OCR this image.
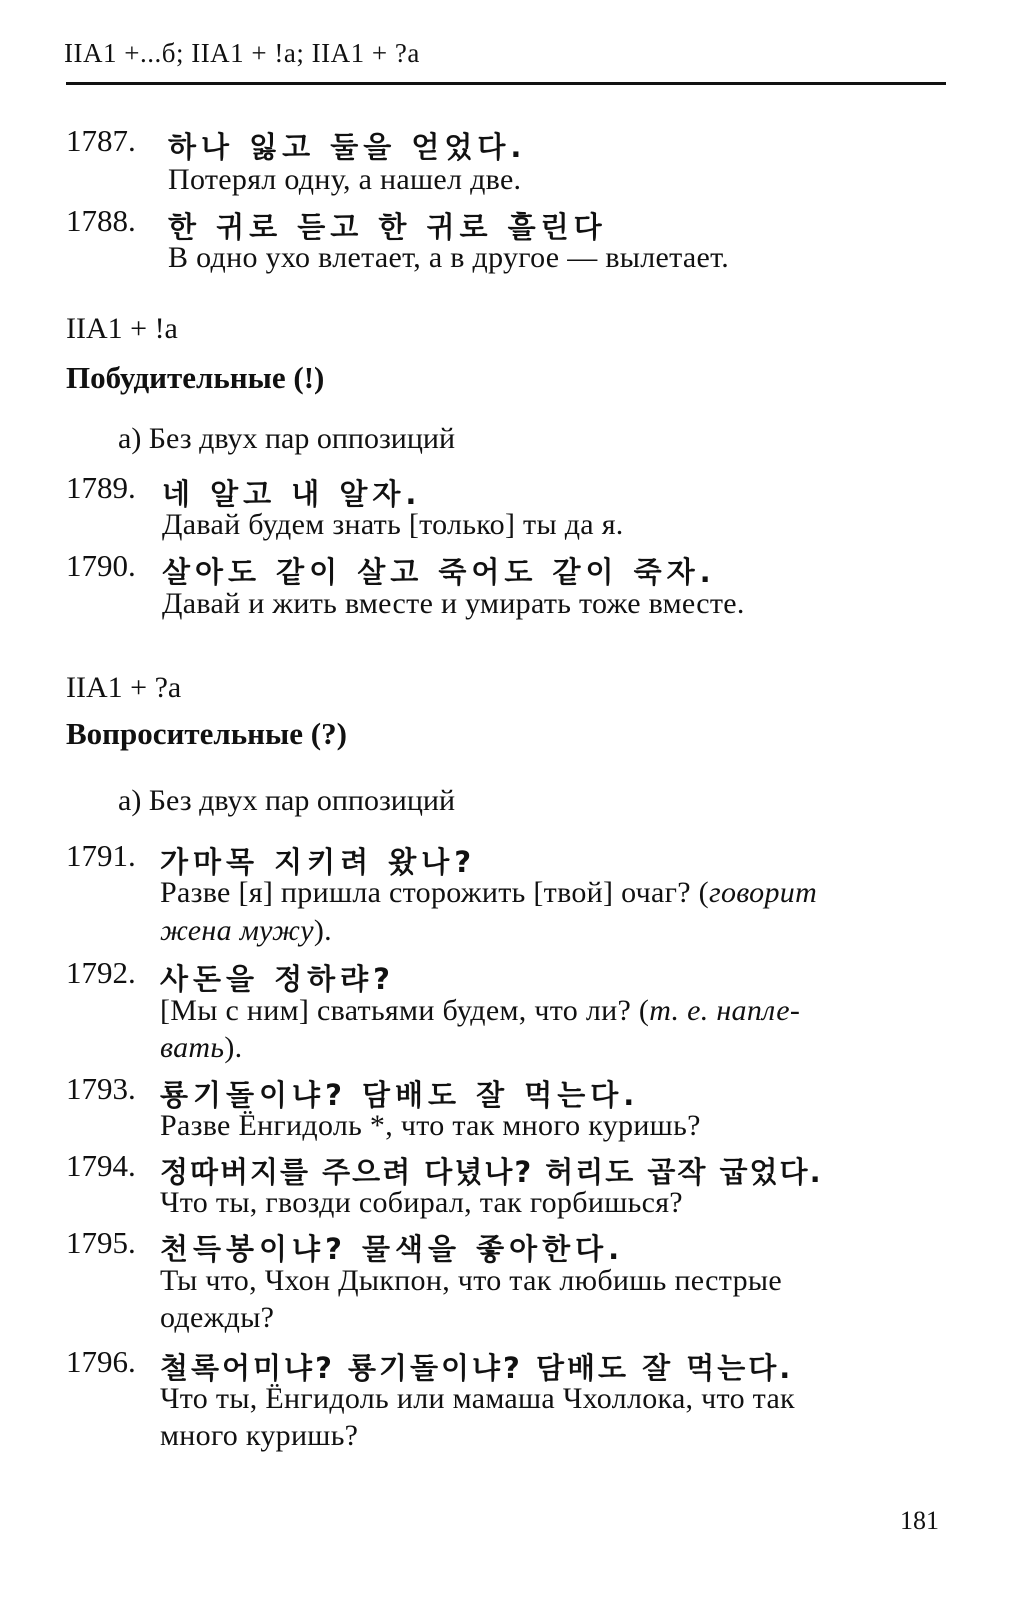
IIA1 +...б; IIA1 + !а; IIA1 + ?а
1787. 하나 잃고 둘을 얻었다.
Потерял одну, а нашел две.
1788. 한 귀로 듣고 한 귀로 흘린다
В одно ухо влетает, а в другое — вылетает.
IIA1 + !а
Побудительные (!)
а) Без двух пар оппозиций
1789. 네 알고 내 알자.
Давай будем знать [только] ты да я.
1790. 살아도 같이 살고 죽어도 같이 죽자.
Давай и жить вместе и умирать тоже вместе.
IIA1 + ?а
Вопросительные (?)
а) Без двух пар оппозиций
1791. 가마목 지키려 왔나?
Разве [я] пришла сторожить [твой] очаг? (говорит
жена мужу).
1792. 사돈을 정하랴?
[Мы с ним] сватьями будем, что ли? (т. е. напле-
вать).
1793. 룡기돌이냐? 담배도 잘 먹는다.
Разве Ёнгидоль *, что так много куришь?
1794. 정따버지를 주으려 다녔나? 허리도 곱작 굽었다.
Что ты, гвозди собирал, так горбишься?
1795. 천득봉이냐? 물색을 좋아한다.
Ты что, Чхон Дыкпон, что так любишь пестрые
одежды?
1796. 철록어미냐? 룡기돌이냐? 담배도 잘 먹는다.
Что ты, Ёнгидоль или мамаша Чхоллока, что так
много куришь?
181
